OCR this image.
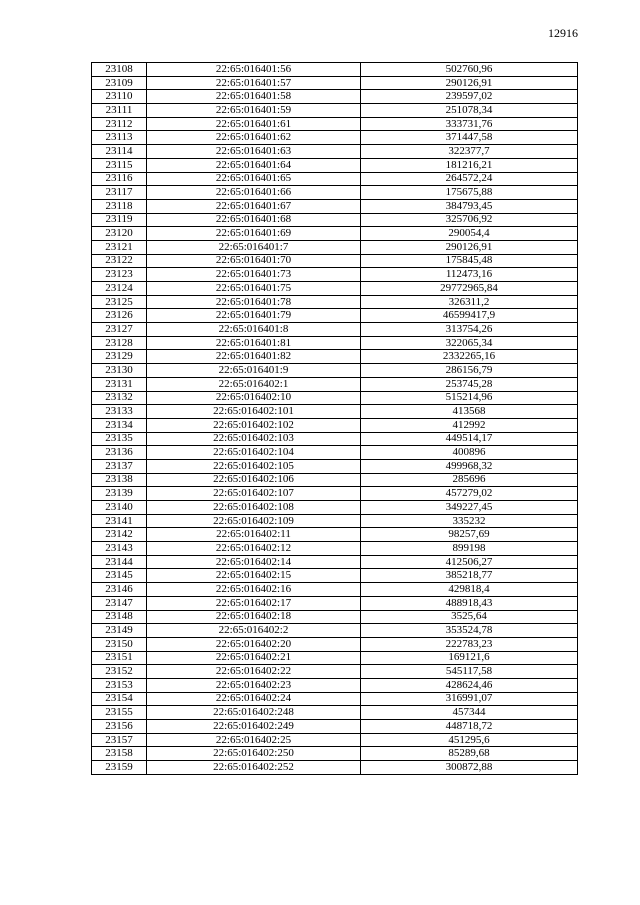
12916
23108	22:65:016401:56	502760,96
23109	22:65:016401:57	290126,91
23110	22:65:016401:58	239597,02
23111	22:65:016401:59	251078,34
23112	22:65:016401:61	333731,76
23113	22:65:016401:62	371447,58
23114	22:65:016401:63	322377,7
23115	22:65:016401:64	181216,21
23116	22:65:016401:65	264572,24
23117	22:65:016401:66	175675,88
23118	22:65:016401:67	384793,45
23119	22:65:016401:68	325706,92
23120	22:65:016401:69	290054,4
23121	22:65:016401:7	290126,91
23122	22:65:016401:70	175845,48
23123	22:65:016401:73	112473,16
23124	22:65:016401:75	29772965,84
23125	22:65:016401:78	326311,2
23126	22:65:016401:79	46599417,9
23127	22:65:016401:8	313754,26
23128	22:65:016401:81	322065,34
23129	22:65:016401:82	2332265,16
23130	22:65:016401:9	286156,79
23131	22:65:016402:1	253745,28
23132	22:65:016402:10	515214,96
23133	22:65:016402:101	413568
23134	22:65:016402:102	412992
23135	22:65:016402:103	449514,17
23136	22:65:016402:104	400896
23137	22:65:016402:105	499968,32
23138	22:65:016402:106	285696
23139	22:65:016402:107	457279,02
23140	22:65:016402:108	349227,45
23141	22:65:016402:109	335232
23142	22:65:016402:11	98257,69
23143	22:65:016402:12	899198
23144	22:65:016402:14	412506,27
23145	22:65:016402:15	385218,77
23146	22:65:016402:16	429818,4
23147	22:65:016402:17	488918,43
23148	22:65:016402:18	3525,64
23149	22:65:016402:2	353524,78
23150	22:65:016402:20	222783,23
23151	22:65:016402:21	169121,6
23152	22:65:016402:22	545117,58
23153	22:65:016402:23	428624,46
23154	22:65:016402:24	316991,07
23155	22:65:016402:248	457344
23156	22:65:016402:249	448718,72
23157	22:65:016402:25	451295,6
23158	22:65:016402:250	85289,68
23159	22:65:016402:252	300872,88
